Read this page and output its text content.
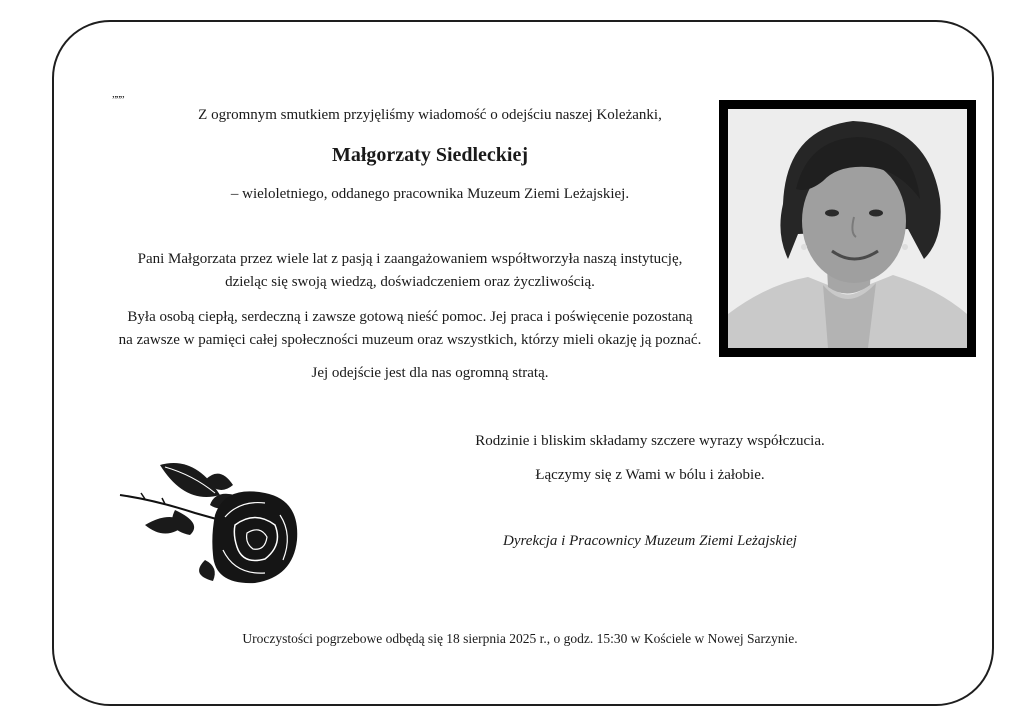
„„„
Z ogromnym smutkiem przyjęliśmy wiadomość o odejściu naszej Koleżanki,
Małgorzaty Siedleckiej
– wieloletniego, oddanego pracownika Muzeum Ziemi Leżajskiej.
Pani Małgorzata przez wiele lat z pasją i zaangażowaniem współtworzyła naszą instytucję,
dzieląc się swoją wiedzą, doświadczeniem oraz życzliwością.
Była osobą ciepłą, serdeczną i zawsze gotową nieść pomoc. Jej praca i poświęcenie pozostaną
na zawsze w pamięci całej społeczności muzeum oraz wszystkich, którzy mieli okazję ją poznać.
Jej odejście jest dla nas ogromną stratą.
Rodzinie i bliskim składamy szczere wyrazy współczucia.
Łączymy się z Wami w bólu i żałobie.
Dyrekcja i Pracownicy Muzeum Ziemi Leżajskiej
Uroczystości pogrzebowe odbędą się 18 sierpnia 2025 r., o godz. 15:30 w Kościele w Nowej Sarzynie.
